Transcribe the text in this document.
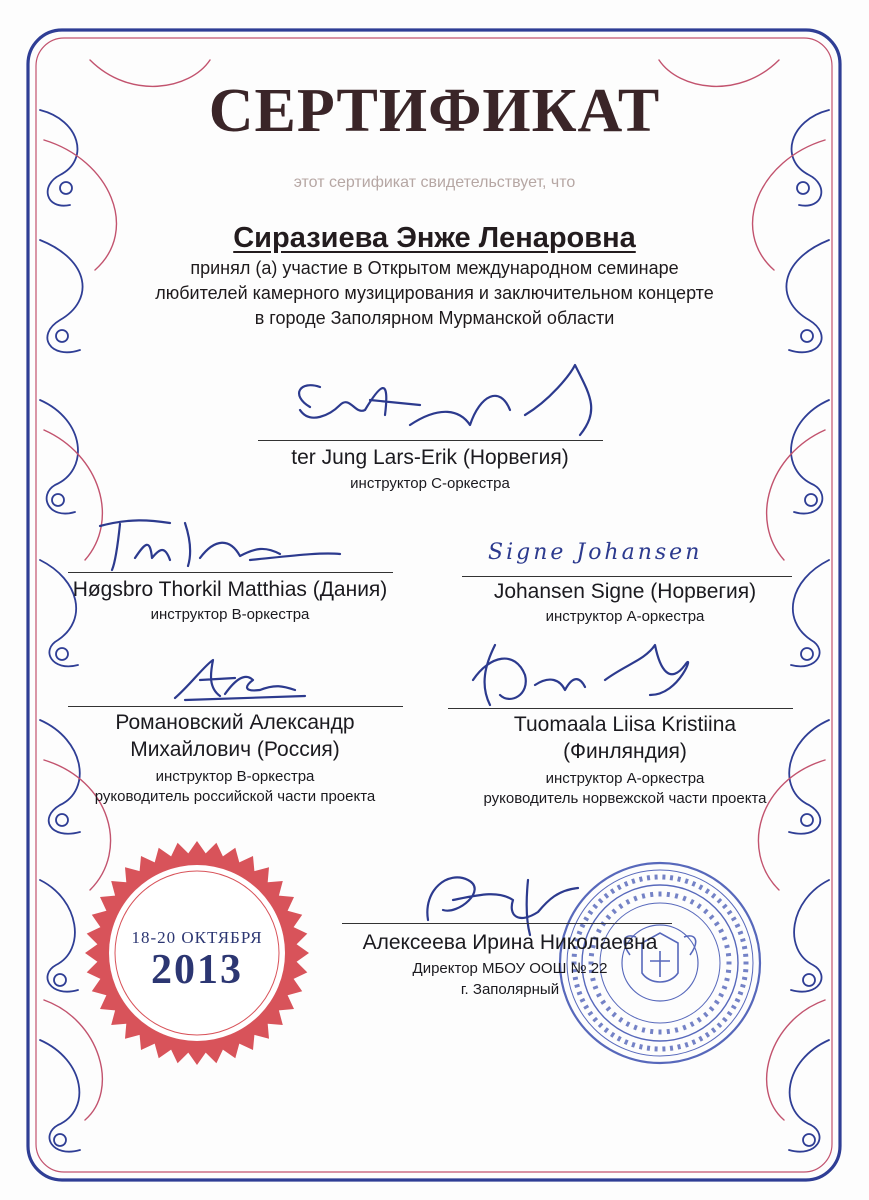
СЕРТИФИКАТ
этот сертификат свидетельствует, что
Сиразиева Энже Ленаровна
принял (а) участие в Открытом международном семинаре
любителей камерного музицирования и заключительном концерте
в городе Заполярном Мурманской области
ter Jung Lars-Erik (Норвегия)
инструктор С-оркестра
Høgsbro Thorkil Matthias (Дания)
инструктор В-оркестра
Signe Johansen
Johansen Signe (Норвегия)
инструктор А-оркестра
Романовский Александр
Михайлович (Россия)
инструктор В-оркестра
руководитель российской части проекта
Tuomaala Liisa Kristiina
(Финляндия)
инструктор А-оркестра
руководитель норвежской части проекта
18-20 ОКТЯБРЯ
2013
Алексеева Ирина Николаевна
Директор МБОУ ООШ № 22
г. Заполярный
